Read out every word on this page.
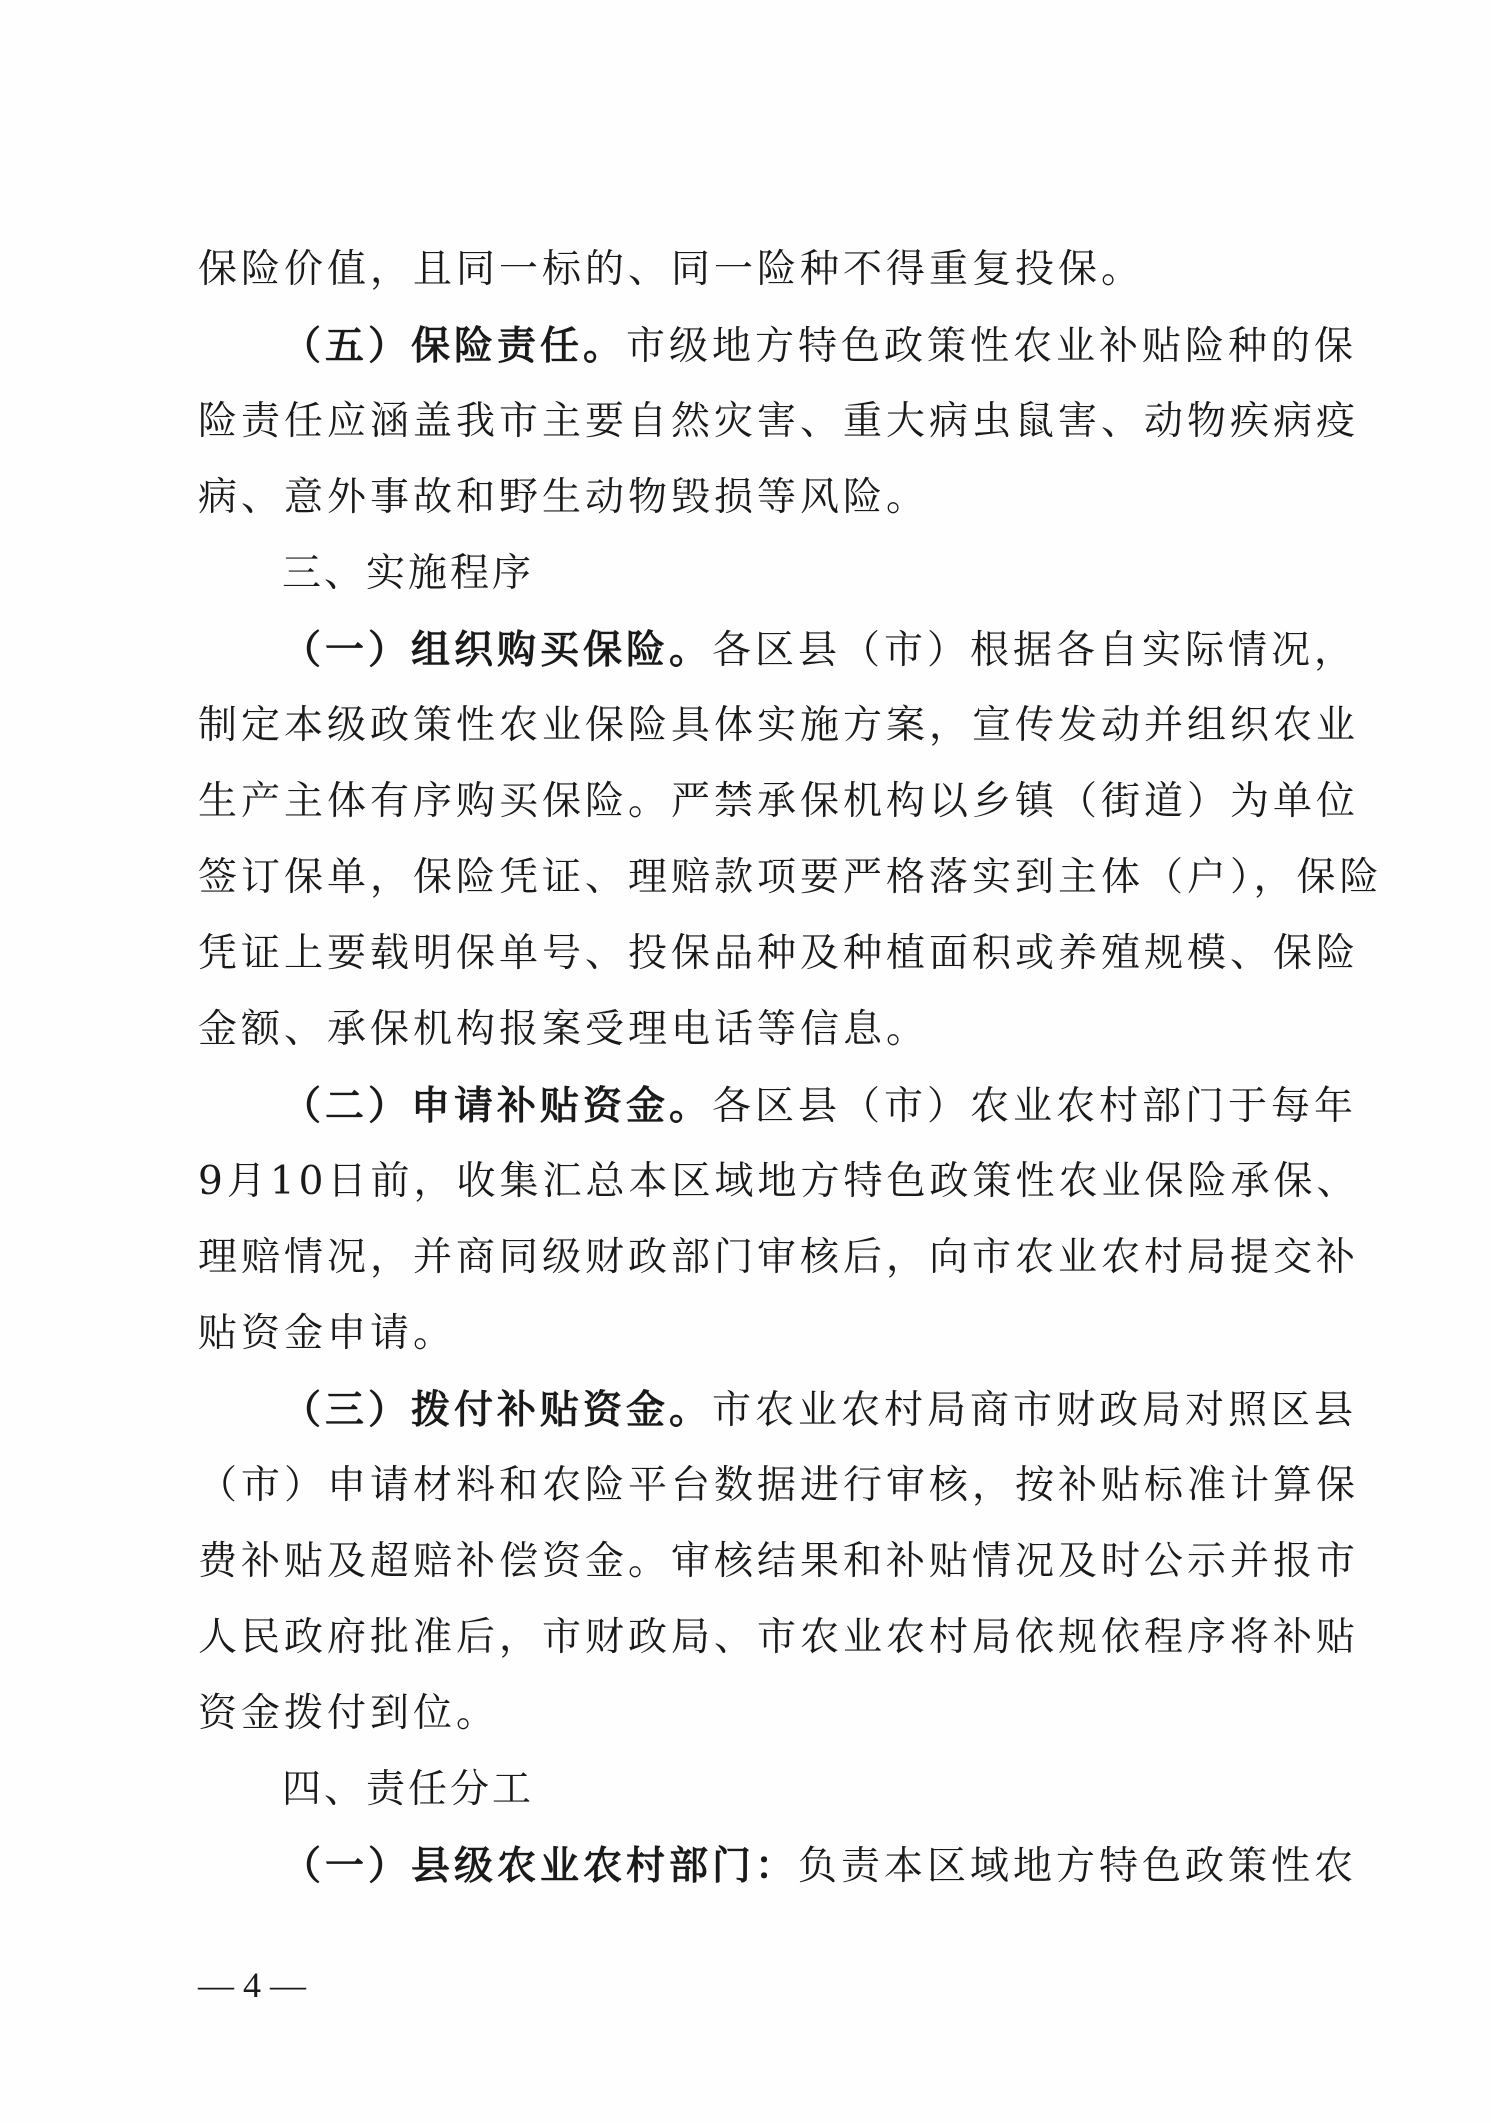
保险价值，且同一标的、同一险种不得重复投保。
（五）保险责任。市级地方特色政策性农业补贴险种的保
险责任应涵盖我市主要自然灾害、重大病虫鼠害、动物疾病疫
病、意外事故和野生动物毁损等风险。
三、实施程序
（一）组织购买保险。各区县（市）根据各自实际情况，
制定本级政策性农业保险具体实施方案，宣传发动并组织农业
生产主体有序购买保险。严禁承保机构以乡镇（街道）为单位
签订保单，保险凭证、理赔款项要严格落实到主体（户），保险
凭证上要载明保单号、投保品种及种植面积或养殖规模、保险
金额、承保机构报案受理电话等信息。
（二）申请补贴资金。各区县（市）农业农村部门于每年
9月10日前，收集汇总本区域地方特色政策性农业保险承保、
理赔情况，并商同级财政部门审核后，向市农业农村局提交补
贴资金申请。
（三）拨付补贴资金。市农业农村局商市财政局对照区县
（市）申请材料和农险平台数据进行审核，按补贴标准计算保
费补贴及超赔补偿资金。审核结果和补贴情况及时公示并报市
人民政府批准后，市财政局、市农业农村局依规依程序将补贴
资金拨付到位。
四、责任分工
（一）县级农业农村部门：负责本区域地方特色政策性农
— 4 —
